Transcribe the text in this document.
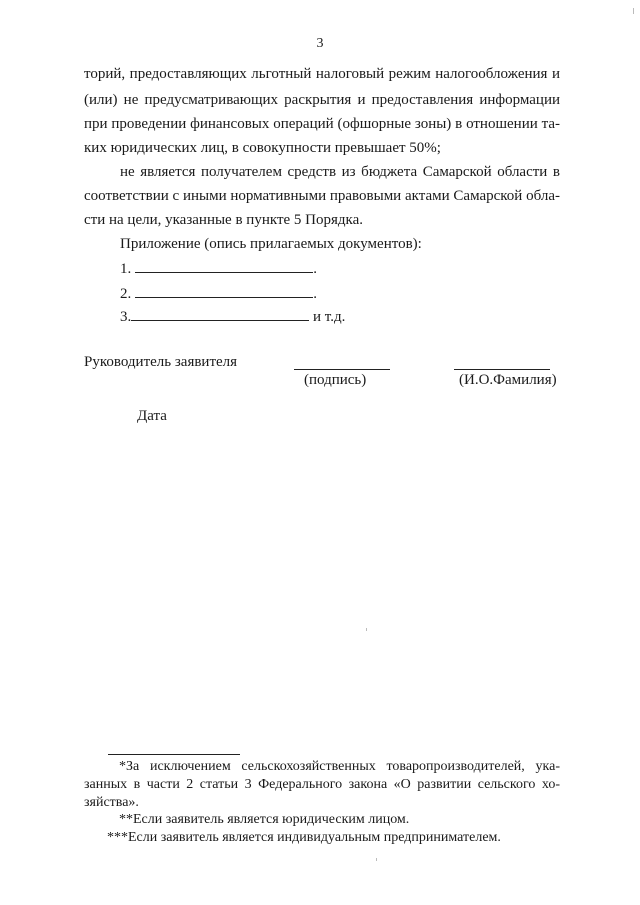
3
торий, предоставляющих льготный налоговый режим налогообложения и
(или) не предусматривающих раскрытия и предоставления информации
при проведении финансовых операций (офшорные зоны) в отношении та-
ких юридических лиц, в совокупности превышает 50%;
не является получателем средств из бюджета Самарской области в
соответствии с иными нормативными правовыми актами Самарской обла-
сти на цели, указанные в пункте 5 Порядка.
Приложение (опись прилагаемых документов):
1.	.
2.	.
3.	и т.д.
Руководитель заявителя
(подпись)	(И.О.Фамилия)
Дата
*За исключением сельскохозяйственных товаропроизводителей, ука-
занных в части 2 статьи 3 Федерального закона «О развитии сельского хо-
зяйства».
**Если заявитель является юридическим лицом.
***Если заявитель является индивидуальным предпринимателем.
